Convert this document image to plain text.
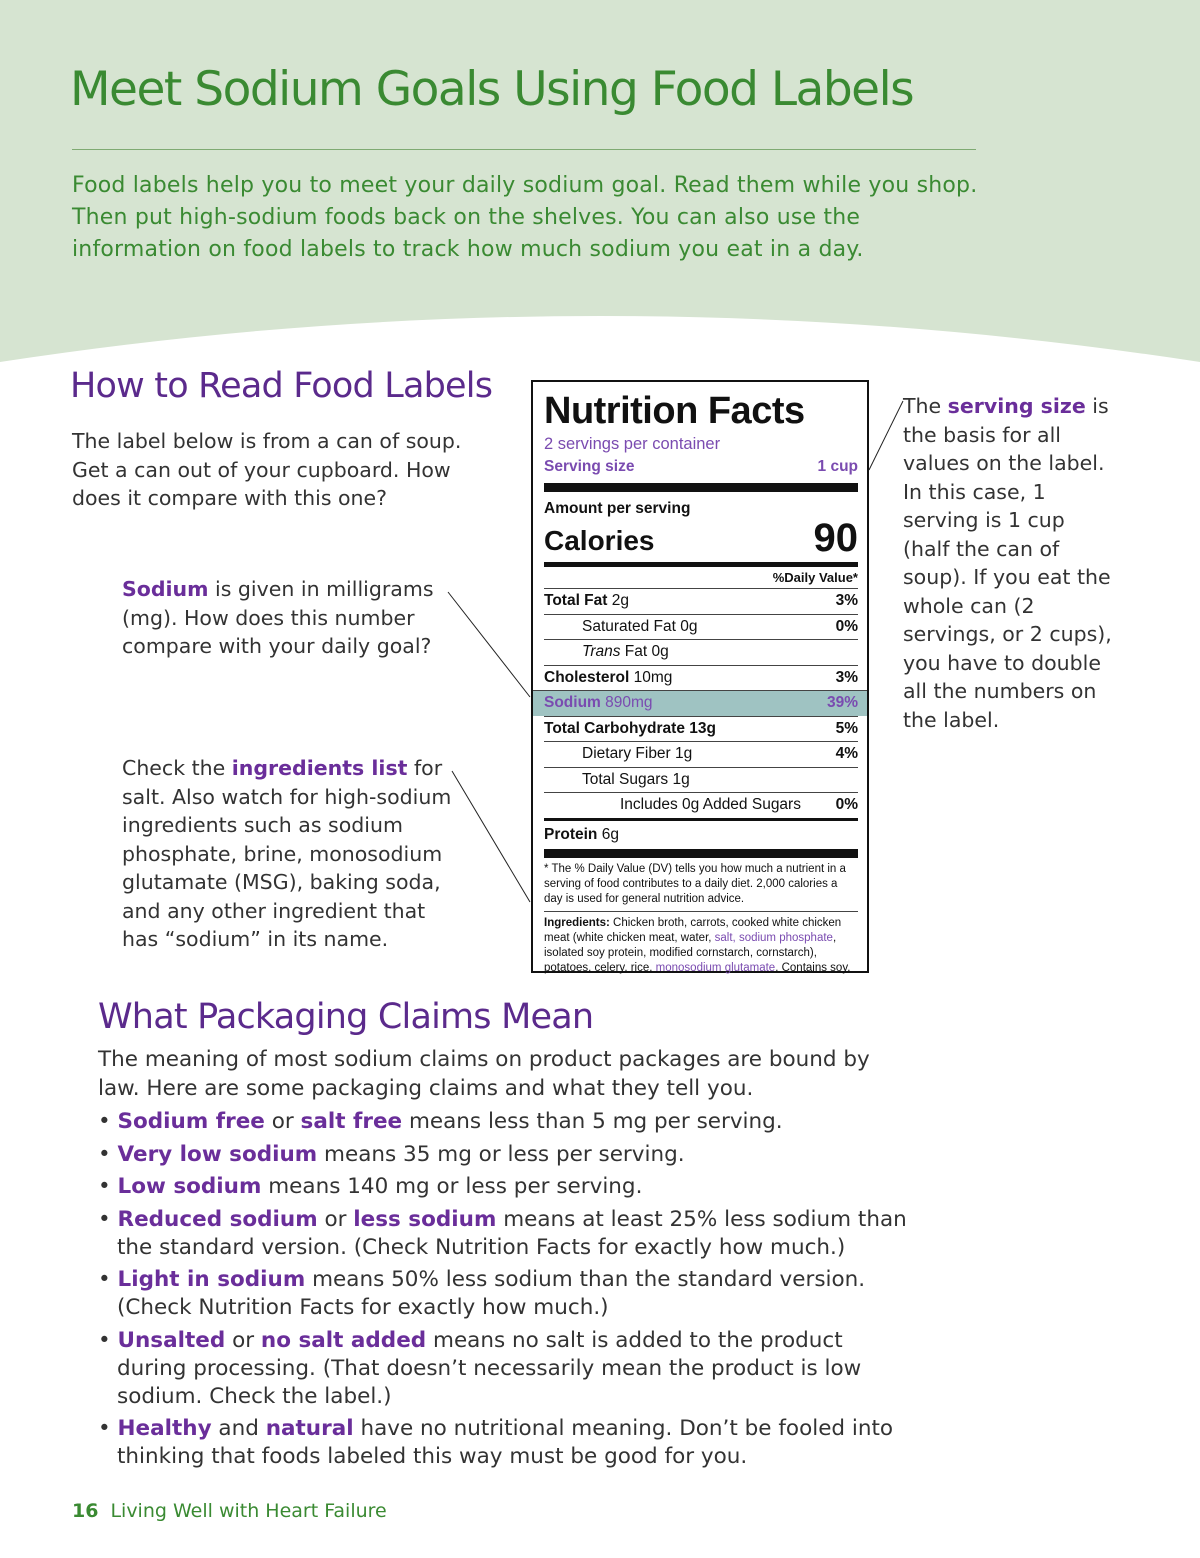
Meet Sodium Goals Using Food Labels

Food labels help you to meet your daily sodium goal. Read them while you shop. Then put high-sodium foods back on the shelves. You can also use the information on food labels to track how much sodium you eat in a day.

How to Read Food Labels

The label below is from a can of soup. Get a can out of your cupboard. How does it compare with this one?

Sodium is given in milligrams (mg). How does this number compare with your daily goal?

Check the ingredients list for salt. Also watch for high-sodium ingredients such as sodium phosphate, brine, monosodium glutamate (MSG), baking soda, and any other ingredient that has “sodium” in its name.

The serving size is the basis for all values on the label. In this case, 1 serving is 1 cup (half the can of soup). If you eat the whole can (2 servings, or 2 cups), you have to double all the numbers on the label.

Nutrition Facts
2 servings per container
Serving size	1 cup
Amount per serving
Calories	90
%Daily Value*
Total Fat 2g	3%
Saturated Fat 0g	0%
Trans Fat 0g
Cholesterol 10mg	3%
Sodium 890mg	39%
Total Carbohydrate 13g	5%
Dietary Fiber 1g	4%
Total Sugars 1g
Includes 0g Added Sugars 0%
Protein 6g
* The % Daily Value (DV) tells you how much a nutrient in a serving of food contributes to a daily diet. 2,000 calories a day is used for general nutrition advice.
Ingredients: Chicken broth, carrots, cooked white chicken meat (white chicken meat, water, salt, sodium phosphate, isolated soy protein, modified cornstarch, cornstarch), potatoes, celery, rice, monosodium glutamate. Contains soy.
What Packaging Claims Mean

The meaning of most sodium claims on product packages are bound by law. Here are some packaging claims and what they tell you.

• Sodium free or salt free means less than 5 mg per serving.
• Very low sodium means 35 mg or less per serving.
• Low sodium means 140 mg or less per serving.
• Reduced sodium or less sodium means at least 25% less sodium than the standard version. (Check Nutrition Facts for exactly how much.)
• Light in sodium means 50% less sodium than the standard version. (Check Nutrition Facts for exactly how much.)
• Unsalted or no salt added means no salt is added to the product during processing. (That doesn’t necessarily mean the product is low sodium. Check the label.)
• Healthy and natural have no nutritional meaning. Don’t be fooled into thinking that foods labeled this way must be good for you.
16 Living Well with Heart Failure
